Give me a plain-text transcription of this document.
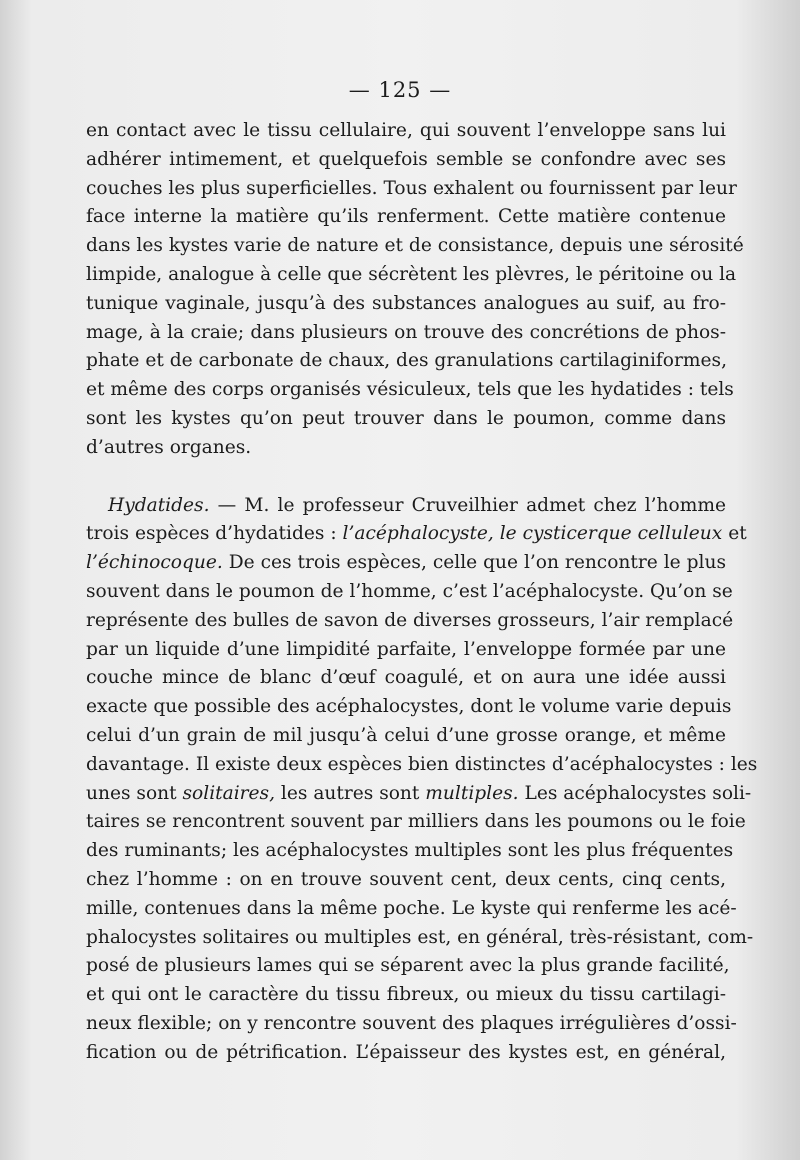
— 125 —

en contact avec le tissu cellulaire, qui souvent l’enveloppe sans lui
adhérer intimement, et quelquefois semble se confondre avec ses
couches les plus superficielles. Tous exhalent ou fournissent par leur
face interne la matière qu’ils renferment. Cette matière contenue
dans les kystes varie de nature et de consistance, depuis une sérosité
limpide, analogue à celle que sécrètent les plèvres, le péritoine ou la
tunique vaginale, jusqu’à des substances analogues au suif, au fro-
mage, à la craie; dans plusieurs on trouve des concrétions de phos-
phate et de carbonate de chaux, des granulations cartilaginiformes,
et même des corps organisés vésiculeux, tels que les hydatides : tels
sont les kystes qu’on peut trouver dans le poumon, comme dans
d’autres organes.

Hydatides. — M. le professeur Cruveilhier admet chez l’homme
trois espèces d’hydatides : l’acéphalocyste, le cysticerque celluleux et
l’échinocoque. De ces trois espèces, celle que l’on rencontre le plus
souvent dans le poumon de l’homme, c’est l’acéphalocyste. Qu’on se
représente des bulles de savon de diverses grosseurs, l’air remplacé
par un liquide d’une limpidité parfaite, l’enveloppe formée par une
couche mince de blanc d’œuf coagulé, et on aura une idée aussi
exacte que possible des acéphalocystes, dont le volume varie depuis
celui d’un grain de mil jusqu’à celui d’une grosse orange, et même
davantage. Il existe deux espèces bien distinctes d’acéphalocystes : les
unes sont solitaires, les autres sont multiples. Les acéphalocystes soli-
taires se rencontrent souvent par milliers dans les poumons ou le foie
des ruminants; les acéphalocystes multiples sont les plus fréquentes
chez l’homme : on en trouve souvent cent, deux cents, cinq cents,
mille, contenues dans la même poche. Le kyste qui renferme les acé-
phalocystes solitaires ou multiples est, en général, très-résistant, com-
posé de plusieurs lames qui se séparent avec la plus grande facilité,
et qui ont le caractère du tissu fibreux, ou mieux du tissu cartilagi-
neux flexible; on y rencontre souvent des plaques irrégulières d’ossi-
fication ou de pétrification. L’épaisseur des kystes est, en général,
